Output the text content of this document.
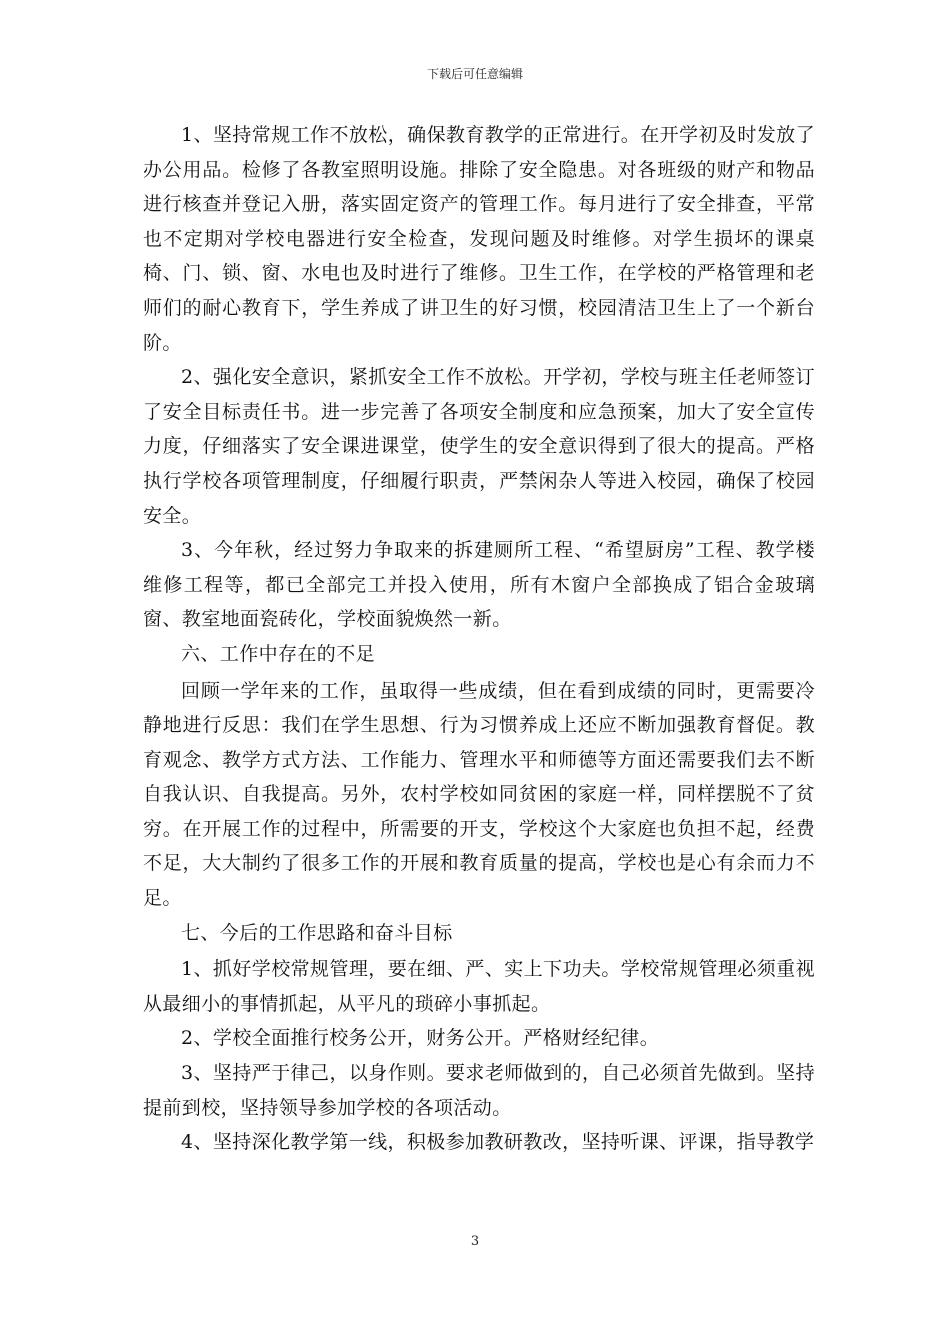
下载后可任意编辑

1、坚持常规工作不放松，确保教育教学的正常进行。在开学初及时发放了办公用品。检修了各教室照明设施。排除了安全隐患。对各班级的财产和物品进行核查并登记入册，落实固定资产的管理工作。每月进行了安全排查，平常也不定期对学校电器进行安全检查，发现问题及时维修。对学生损坏的课桌椅、门、锁、窗、水电也及时进行了维修。卫生工作，在学校的严格管理和老师们的耐心教育下，学生养成了讲卫生的好习惯，校园清洁卫生上了一个新台阶。

2、强化安全意识，紧抓安全工作不放松。开学初，学校与班主任老师签订了安全目标责任书。进一步完善了各项安全制度和应急预案，加大了安全宣传力度，仔细落实了安全课进课堂，使学生的安全意识得到了很大的提高。严格执行学校各项管理制度，仔细履行职责，严禁闲杂人等进入校园，确保了校园安全。

3、今年秋，经过努力争取来的拆建厕所工程、“希望厨房”工程、教学楼维修工程等，都已全部完工并投入使用，所有木窗户全部换成了铝合金玻璃窗、教室地面瓷砖化，学校面貌焕然一新。

六、工作中存在的不足

回顾一学年来的工作，虽取得一些成绩，但在看到成绩的同时，更需要冷静地进行反思：我们在学生思想、行为习惯养成上还应不断加强教育督促。教育观念、教学方式方法、工作能力、管理水平和师德等方面还需要我们去不断自我认识、自我提高。另外，农村学校如同贫困的家庭一样，同样摆脱不了贫穷。在开展工作的过程中，所需要的开支，学校这个大家庭也负担不起，经费不足，大大制约了很多工作的开展和教育质量的提高，学校也是心有余而力不足。

七、今后的工作思路和奋斗目标

1、抓好学校常规管理，要在细、严、实上下功夫。学校常规管理必须重视从最细小的事情抓起，从平凡的琐碎小事抓起。

2、学校全面推行校务公开，财务公开。严格财经纪律。

3、坚持严于律己，以身作则。要求老师做到的，自己必须首先做到。坚持提前到校，坚持领导参加学校的各项活动。

4、坚持深化教学第一线，积极参加教研教改，坚持听课、评课，指导教学

3
